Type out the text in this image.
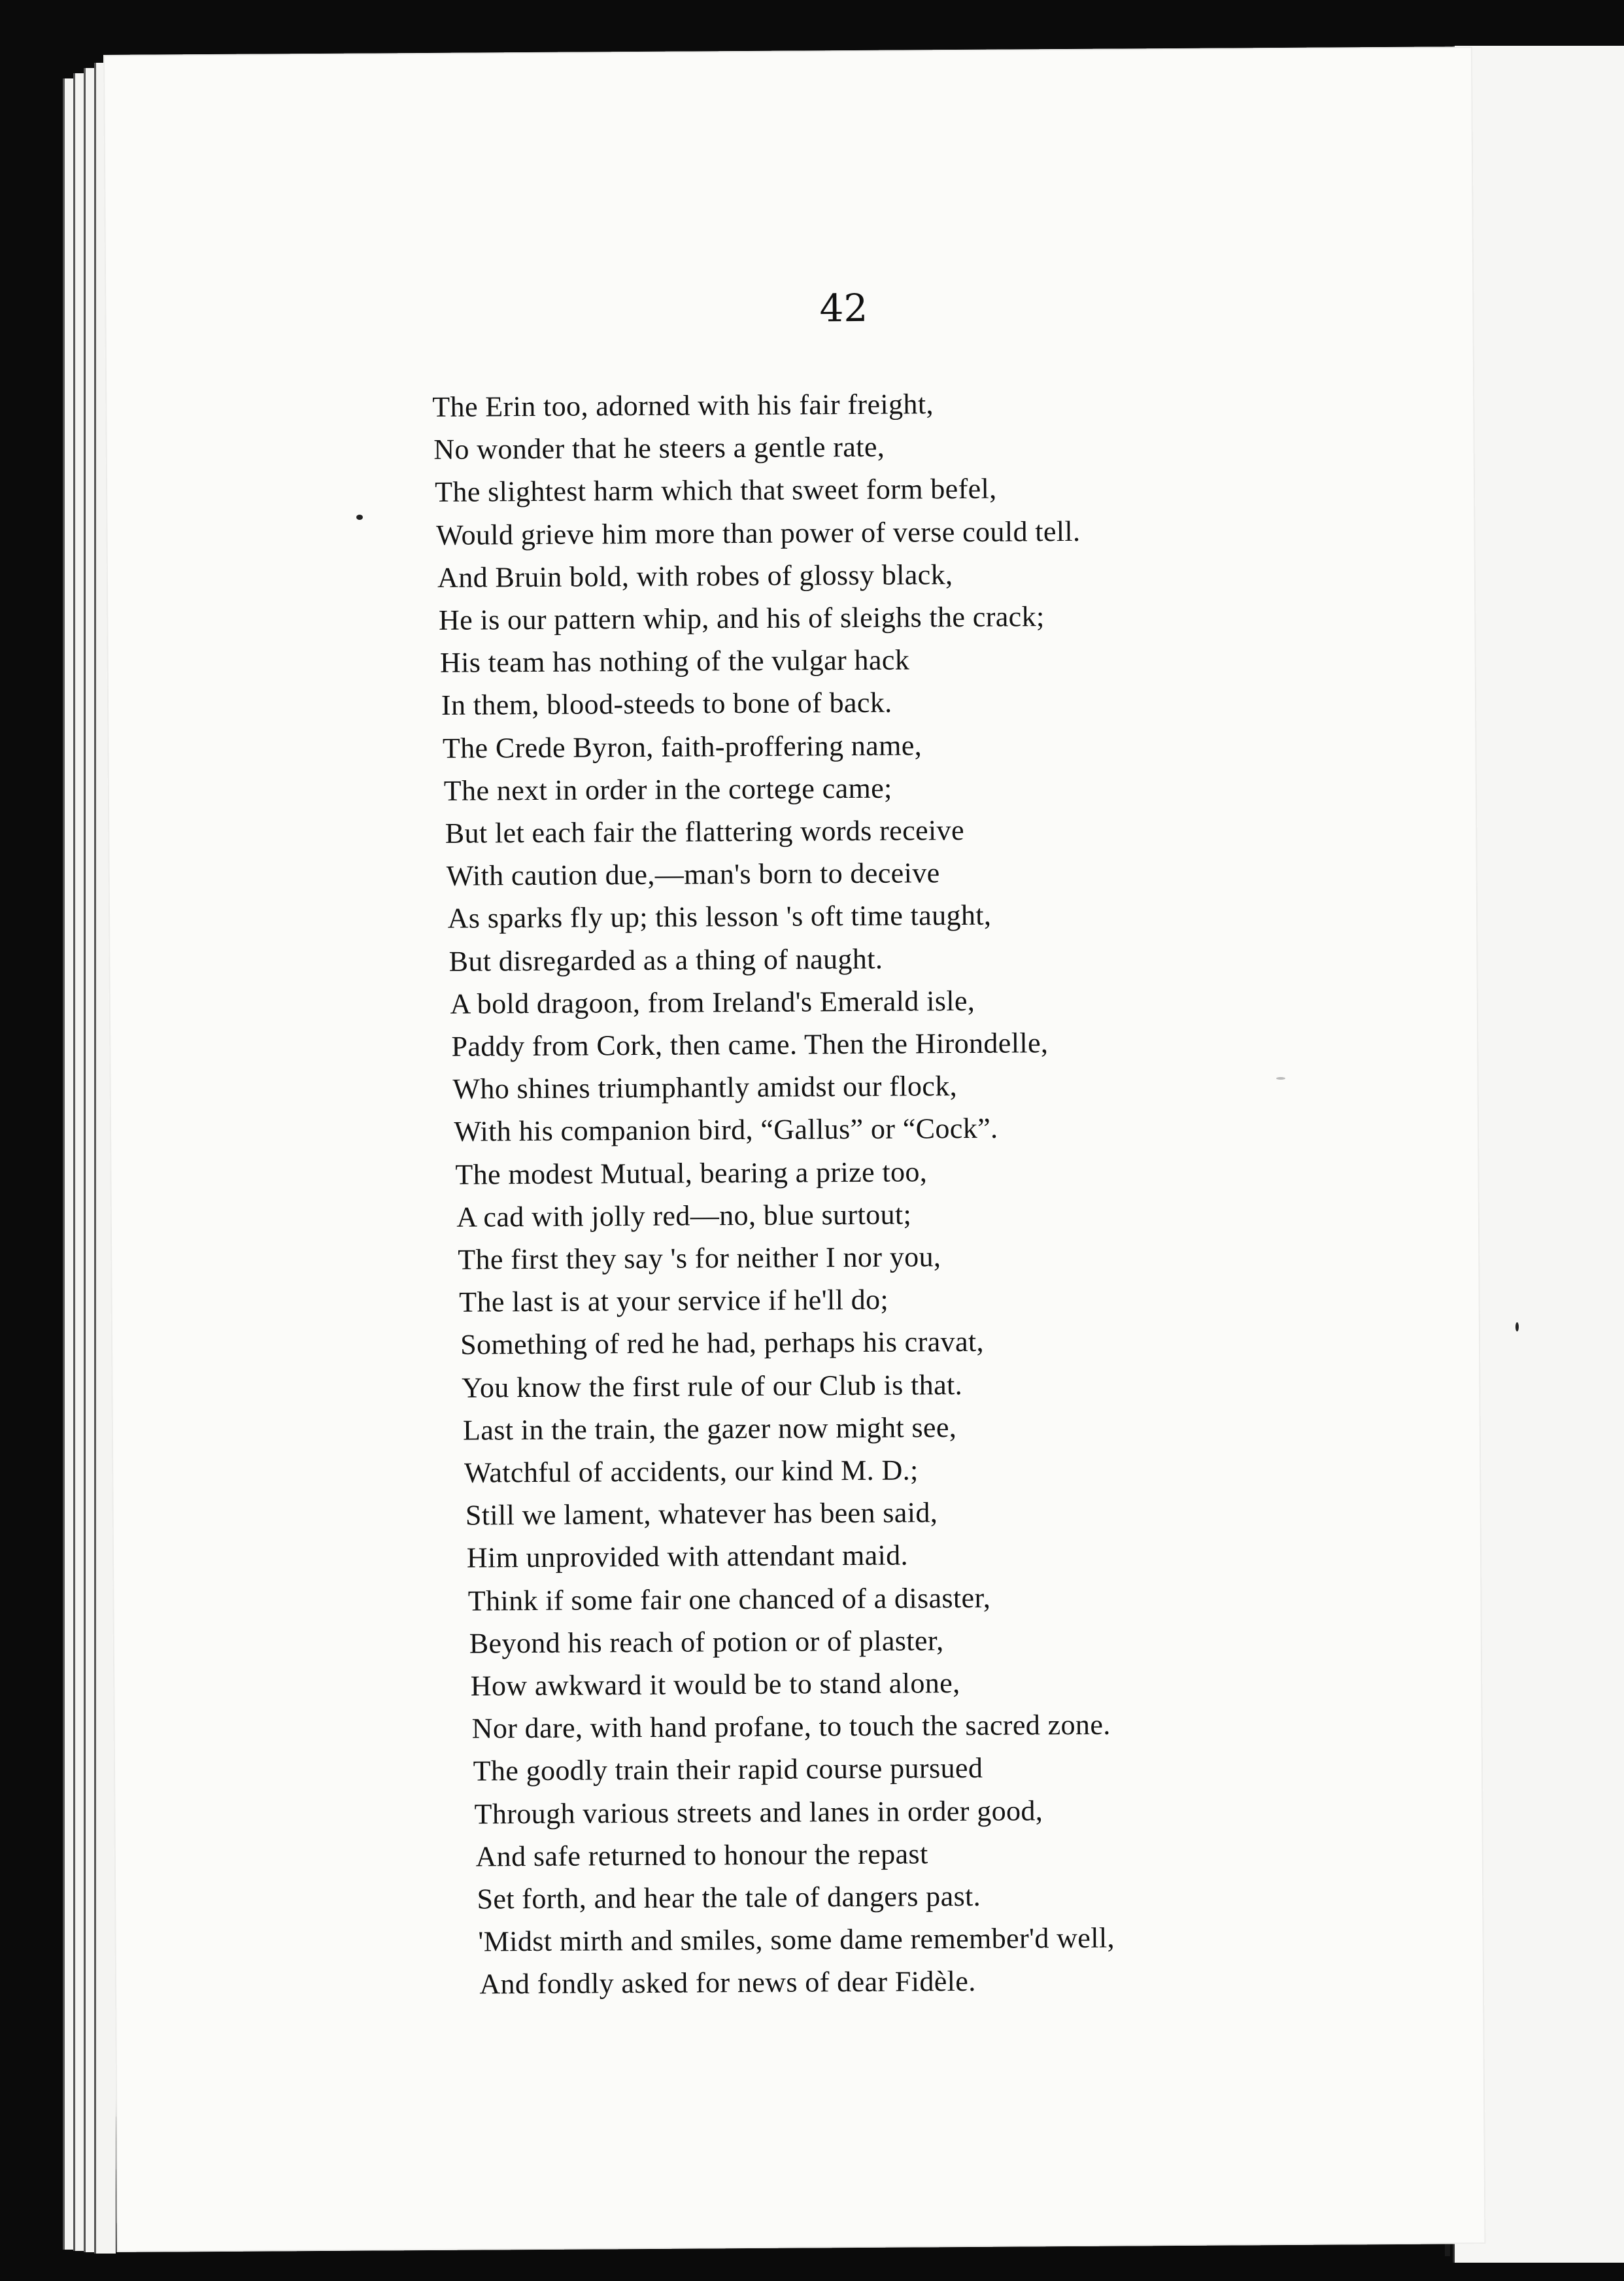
42
The Erin too, adorned with his fair freight,
No wonder that he steers a gentle rate,
The slightest harm which that sweet form befel,
Would grieve him more than power of verse could tell.
And Bruin bold, with robes of glossy black,
He is our pattern whip, and his of sleighs the crack;
His team has nothing of the vulgar hack
In them, blood-steeds to bone of back.
The Crede Byron, faith-proffering name,
The next in order in the cortege came;
But let each fair the flattering words receive
With caution due,—man's born to deceive
As sparks fly up; this lesson 's oft time taught,
But disregarded as a thing of naught.
A bold dragoon, from Ireland's Emerald isle,
Paddy from Cork, then came. Then the Hirondelle,
Who shines triumphantly amidst our flock,
With his companion bird, “Gallus” or “Cock”.
The modest Mutual, bearing a prize too,
A cad with jolly red—no, blue surtout;
The first they say 's for neither I nor you,
The last is at your service if he'll do;
Something of red he had, perhaps his cravat,
You know the first rule of our Club is that.
Last in the train, the gazer now might see,
Watchful of accidents, our kind M. D.;
Still we lament, whatever has been said,
Him unprovided with attendant maid.
Think if some fair one chanced of a disaster,
Beyond his reach of potion or of plaster,
How awkward it would be to stand alone,
Nor dare, with hand profane, to touch the sacred zone.
The goodly train their rapid course pursued
Through various streets and lanes in order good,
And safe returned to honour the repast
Set forth, and hear the tale of dangers past.
'Midst mirth and smiles, some dame remember'd well,
And fondly asked for news of dear Fidèle.
